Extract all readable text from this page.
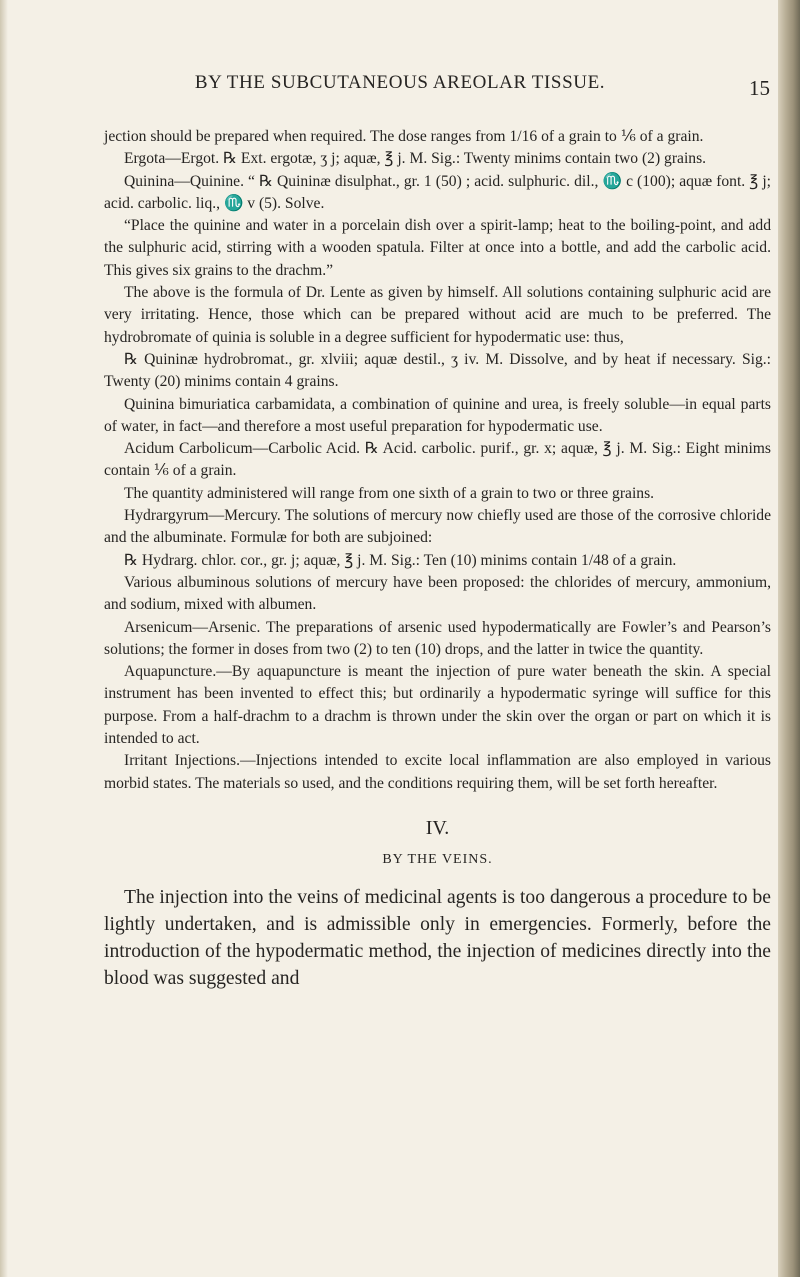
BY THE SUBCUTANEOUS AREOLAR TISSUE.	15

jection should be prepared when required. The dose ranges from 1/16 of a grain to ⅙ of a grain.

Ergota—Ergot. ℞ Ext. ergotæ, ʒ j; aquæ, ℥ j. M. Sig.: Twenty minims contain two (2) grains.

Quinina—Quinine. “ ℞ Quininæ disulphat., gr. 1 (50) ; acid. sulphuric. dil., ♏ c (100); aquæ font. ℥ j; acid. carbolic. liq., ♏ v (5). Solve.

“Place the quinine and water in a porcelain dish over a spirit-lamp; heat to the boiling-point, and add the sulphuric acid, stirring with a wooden spatula. Filter at once into a bottle, and add the carbolic acid. This gives six grains to the drachm.”

The above is the formula of Dr. Lente as given by himself. All solutions containing sulphuric acid are very irritating. Hence, those which can be prepared without acid are much to be preferred. The hydrobromate of quinia is soluble in a degree sufficient for hypodermatic use: thus,

℞ Quininæ hydrobromat., gr. xlviii; aquæ destil., ʒ iv. M. Dissolve, and by heat if necessary. Sig.: Twenty (20) minims contain 4 grains.

Quinina bimuriatica carbamidata, a combination of quinine and urea, is freely soluble—in equal parts of water, in fact—and therefore a most useful preparation for hypodermatic use.

Acidum Carbolicum—Carbolic Acid. ℞ Acid. carbolic. purif., gr. x; aquæ, ℥ j. M. Sig.: Eight minims contain ⅙ of a grain.

The quantity administered will range from one sixth of a grain to two or three grains.

Hydrargyrum—Mercury. The solutions of mercury now chiefly used are those of the corrosive chloride and the albuminate. Formulæ for both are subjoined:

℞ Hydrarg. chlor. cor., gr. j; aquæ, ℥ j. M. Sig.: Ten (10) minims contain 1/48 of a grain.

Various albuminous solutions of mercury have been proposed: the chlorides of mercury, ammonium, and sodium, mixed with albumen.

Arsenicum—Arsenic. The preparations of arsenic used hypodermatically are Fowler’s and Pearson’s solutions; the former in doses from two (2) to ten (10) drops, and the latter in twice the quantity.

Aquapuncture.—By aquapuncture is meant the injection of pure water beneath the skin. A special instrument has been invented to effect this; but ordinarily a hypodermatic syringe will suffice for this purpose. From a half-drachm to a drachm is thrown under the skin over the organ or part on which it is intended to act.

Irritant Injections.—Injections intended to excite local inflammation are also employed in various morbid states. The materials so used, and the conditions requiring them, will be set forth hereafter.

IV.
BY THE VEINS.

The injection into the veins of medicinal agents is too dangerous a procedure to be lightly undertaken, and is admissible only in emergencies. Formerly, before the introduction of the hypodermatic method, the injection of medicines directly into the blood was suggested and
